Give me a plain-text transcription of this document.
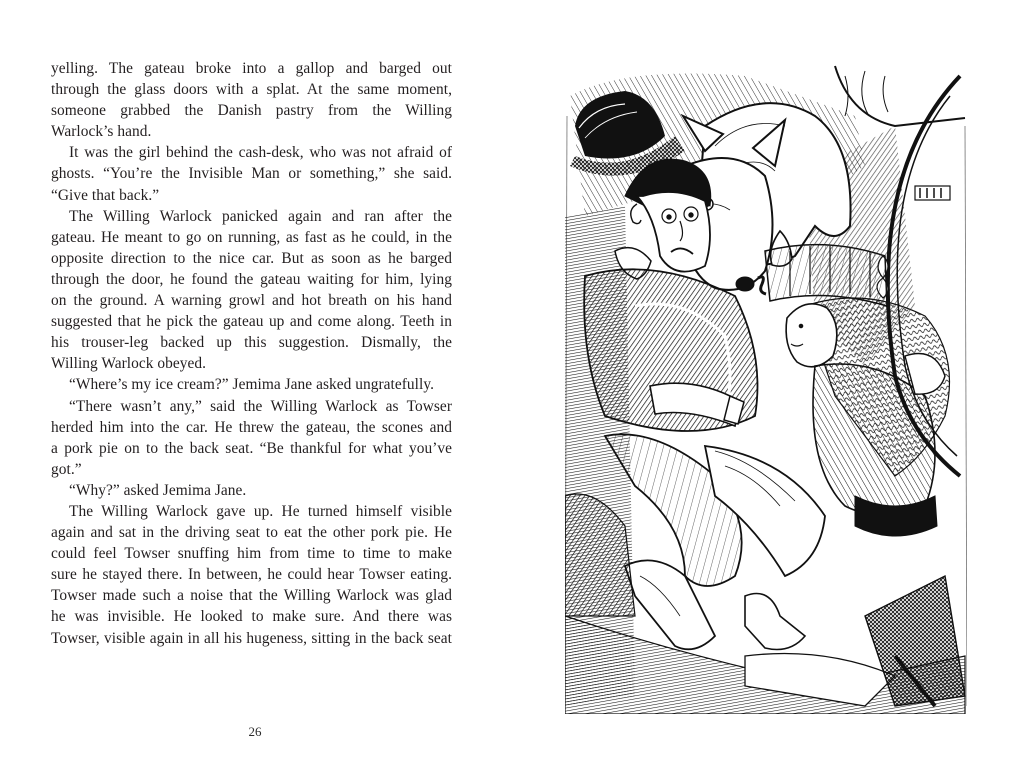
yelling. The gateau broke into a gallop and barged out
through the glass doors with a splat. At the same moment,
someone grabbed the Danish pastry from the Willing
Warlock’s hand.
It was the girl behind the cash-desk, who was not afraid of
ghosts. “You’re the Invisible Man or something,” she said.
“Give that back.”
The Willing Warlock panicked again and ran after the
gateau. He meant to go on running, as fast as he could, in the
opposite direction to the nice car. But as soon as he barged
through the door, he found the gateau waiting for him, lying
on the ground. A warning growl and hot breath on his hand
suggested that he pick the gateau up and come along. Teeth in
his trouser-leg backed up this suggestion. Dismally, the
Willing Warlock obeyed.
“Where’s my ice cream?” Jemima Jane asked ungratefully.
“There wasn’t any,” said the Willing Warlock as Towser
herded him into the car. He threw the gateau, the scones and
a pork pie on to the back seat. “Be thankful for what you’ve
got.”
“Why?” asked Jemima Jane.
The Willing Warlock gave up. He turned himself visible
again and sat in the driving seat to eat the other pork pie. He
could feel Towser snuffing him from time to time to make
sure he stayed there. In between, he could hear Towser eating.
Towser made such a noise that the Willing Warlock was glad
he was invisible. He looked to make sure. And there was
Towser, visible again in all his hugeness, sitting in the back seat
26
